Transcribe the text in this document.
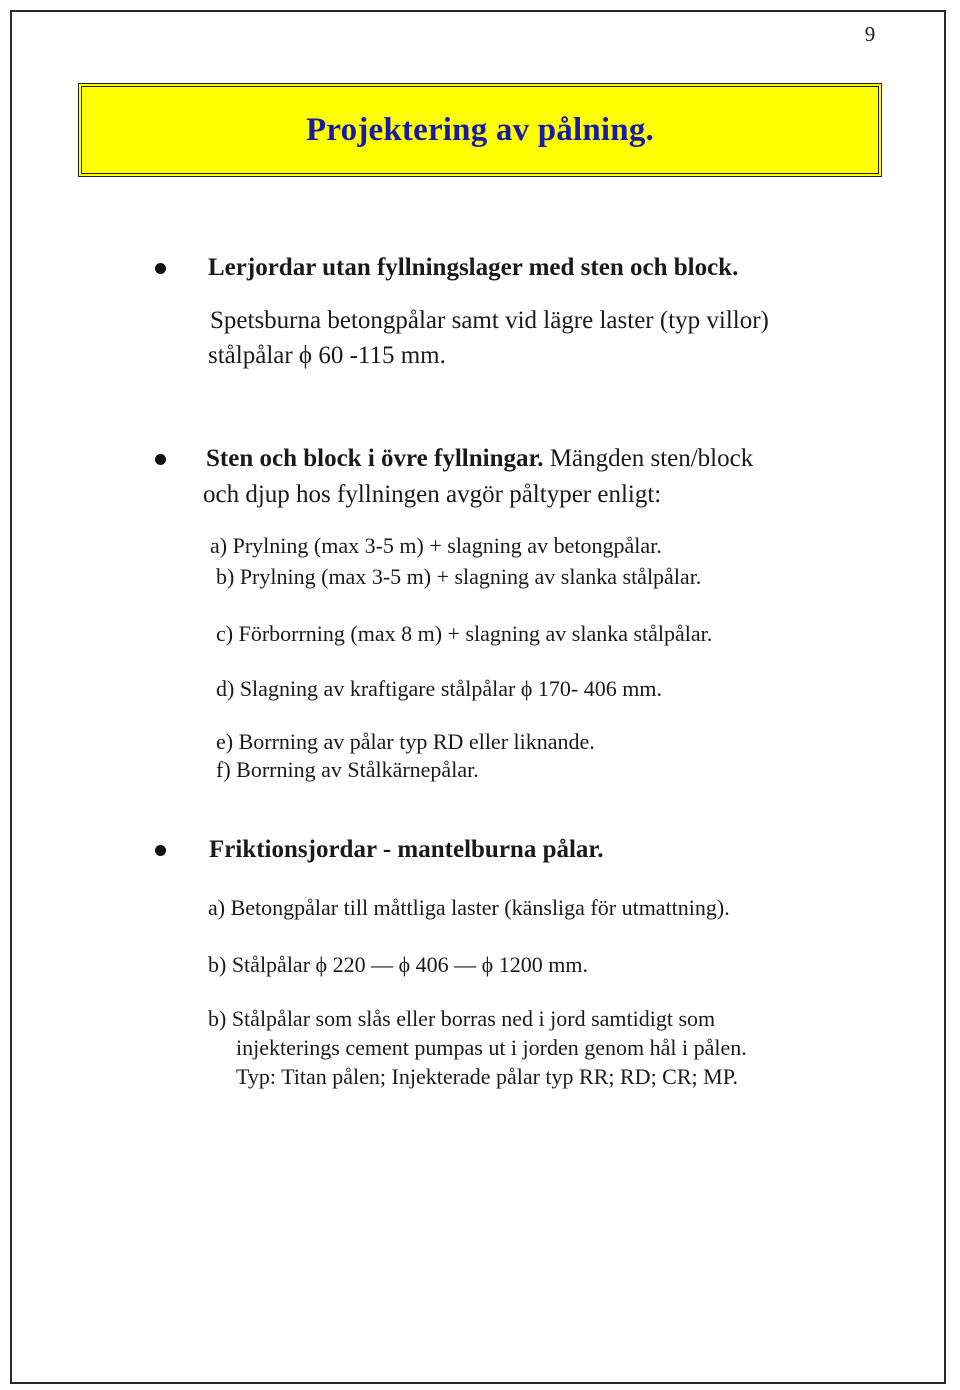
9
Projektering av pålning.
Lerjordar utan fyllningslager med sten och block.
Spetsburna betongpålar samt vid lägre laster (typ villor)
stålpålar ϕ 60 -115 mm.
Sten och block i övre fyllningar. Mängden sten/block
och djup hos fyllningen avgör påltyper enligt:
a) Prylning (max 3-5 m) + slagning av betongpålar.
b) Prylning (max 3-5 m) + slagning av slanka stålpålar.
c) Förborrning (max 8 m) + slagning av slanka stålpålar.
d) Slagning av kraftigare stålpålar ϕ 170- 406 mm.
e) Borrning av pålar typ RD eller liknande.
f) Borrning av Stålkärnepålar.
Friktionsjordar - mantelburna pålar.
a) Betongpålar till måttliga laster (känsliga för utmattning).
b) Stålpålar ϕ 220 — ϕ 406 — ϕ 1200 mm.
b) Stålpålar som slås eller borras ned i jord samtidigt som
injekterings cement pumpas ut i jorden genom hål i pålen.
Typ: Titan pålen; Injekterade pålar typ RR; RD; CR; MP.
